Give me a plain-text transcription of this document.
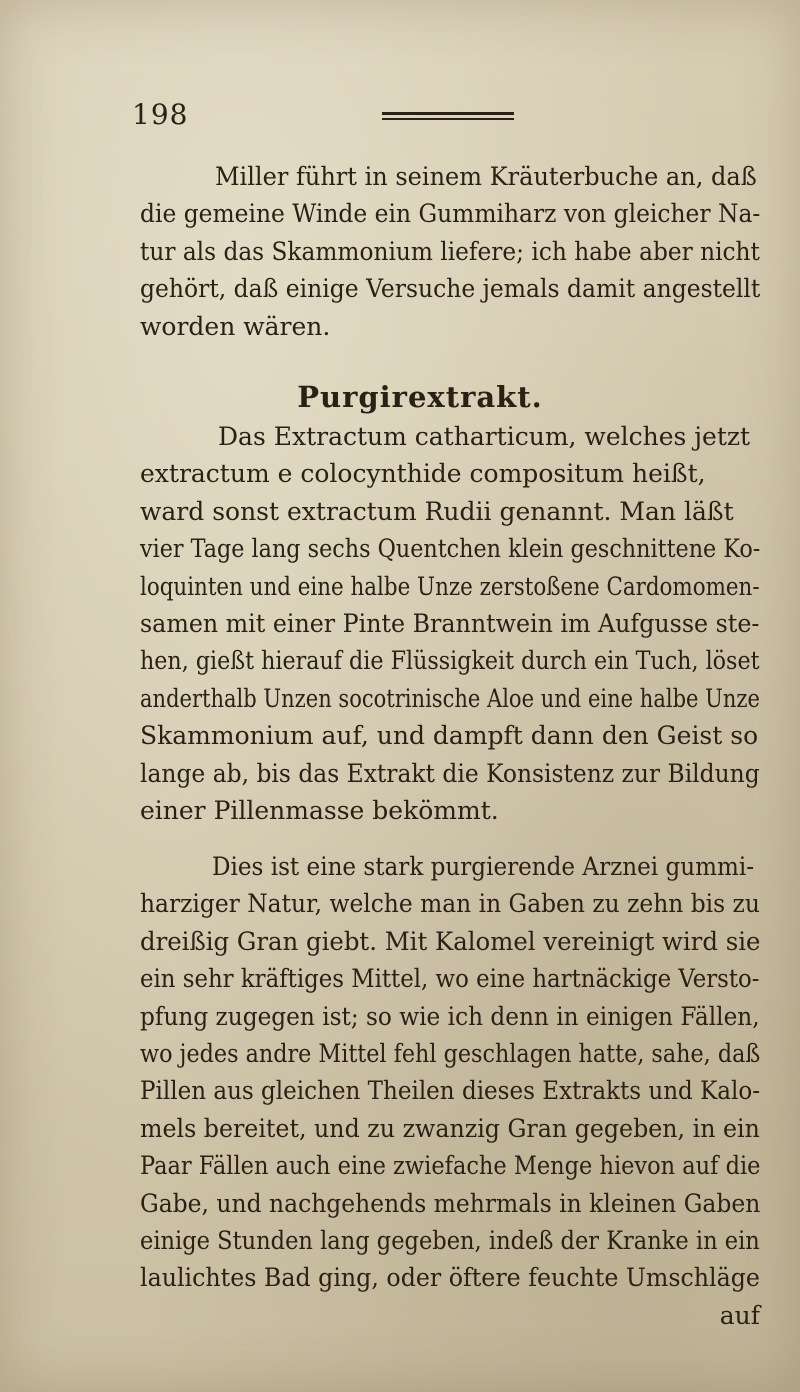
198
Miller führt in seinem Kräuterbuche an, daß
die gemeine Winde ein Gummiharz von gleicher Na-
tur als das Skammonium liefere; ich habe aber nicht
gehört, daß einige Versuche jemals damit angestellt
worden wären.
Purgirextrakt.
Das Extractum catharticum, welches jetzt
extractum e colocynthide compositum heißt,
ward sonst extractum Rudii genannt. Man läßt
vier Tage lang sechs Quentchen klein geschnittene Ko-
loquinten und eine halbe Unze zerstoßene Cardomomen-
samen mit einer Pinte Branntwein im Aufgusse ste-
hen, gießt hierauf die Flüssigkeit durch ein Tuch, löset
anderthalb Unzen socotrinische Aloe und eine halbe Unze
Skammonium auf, und dampft dann den Geist so
lange ab, bis das Extrakt die Konsistenz zur Bildung
einer Pillenmasse bekömmt.
Dies ist eine stark purgierende Arznei gummi-
harziger Natur, welche man in Gaben zu zehn bis zu
dreißig Gran giebt. Mit Kalomel vereinigt wird sie
ein sehr kräftiges Mittel, wo eine hartnäckige Versto-
pfung zugegen ist; so wie ich denn in einigen Fällen,
wo jedes andre Mittel fehl geschlagen hatte, sahe, daß
Pillen aus gleichen Theilen dieses Extrakts und Kalo-
mels bereitet, und zu zwanzig Gran gegeben, in ein
Paar Fällen auch eine zwiefache Menge hievon auf die
Gabe, und nachgehends mehrmals in kleinen Gaben
einige Stunden lang gegeben, indeß der Kranke in ein
laulichtes Bad ging, oder öftere feuchte Umschläge
auf
